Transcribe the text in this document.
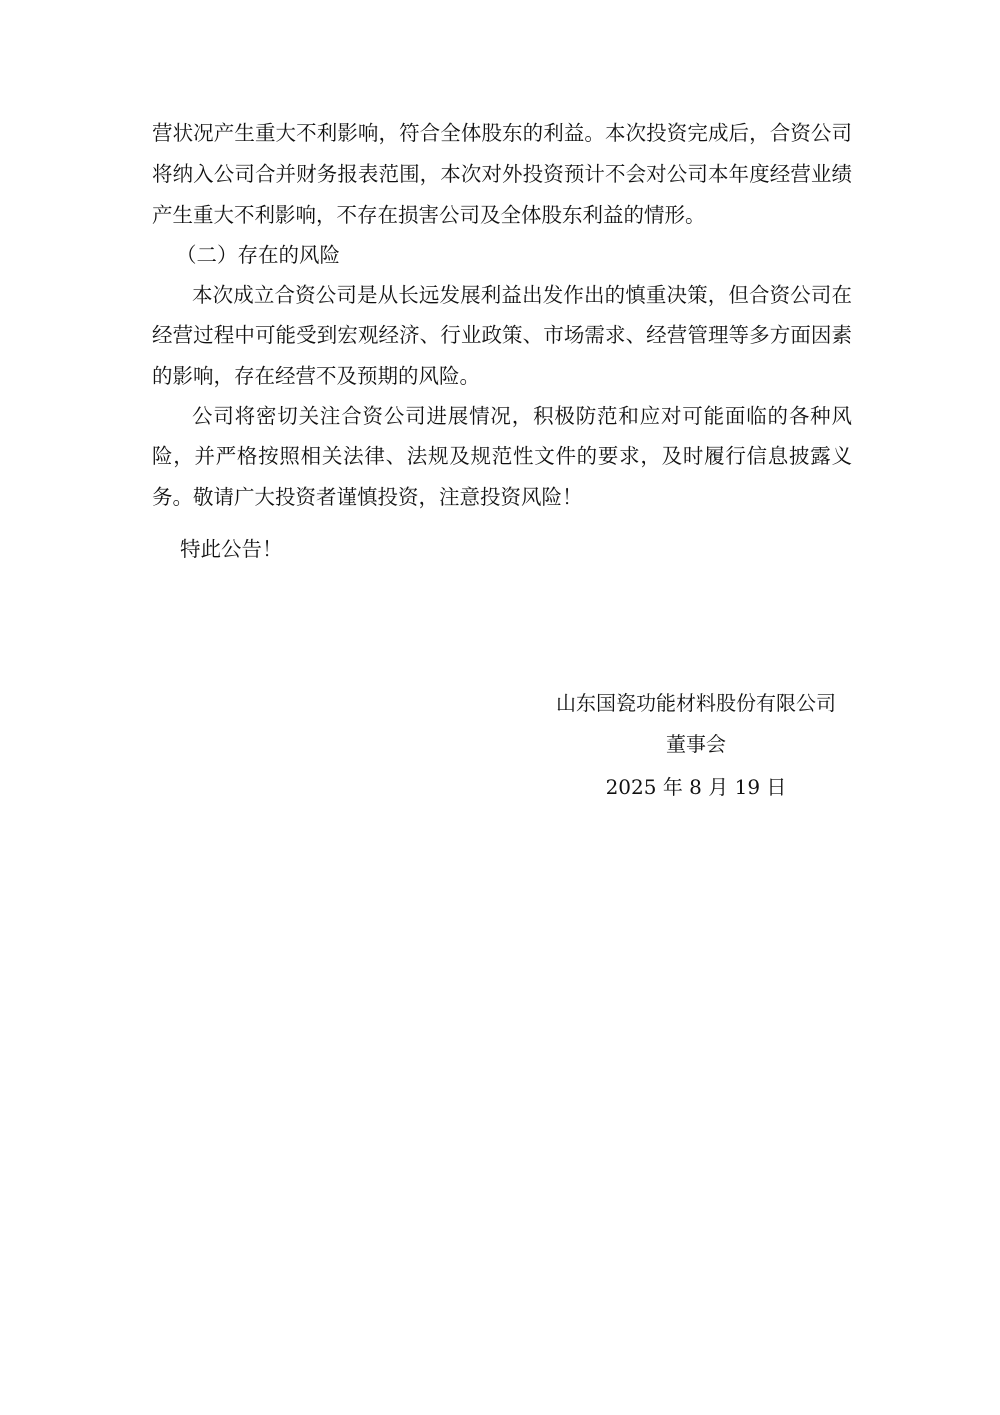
营状况产生重大不利影响，符合全体股东的利益。本次投资完成后，合资公司
将纳入公司合并财务报表范围，本次对外投资预计不会对公司本年度经营业绩
产生重大不利影响，不存在损害公司及全体股东利益的情形。
（二）存在的风险
本次成立合资公司是从长远发展利益出发作出的慎重决策，但合资公司在
经营过程中可能受到宏观经济、行业政策、市场需求、经营管理等多方面因素
的影响，存在经营不及预期的风险。
公司将密切关注合资公司进展情况，积极防范和应对可能面临的各种风
险，并严格按照相关法律、法规及规范性文件的要求，及时履行信息披露义
务。敬请广大投资者谨慎投资，注意投资风险！
特此公告！
山东国瓷功能材料股份有限公司
董事会
2025 年 8 月 19 日
